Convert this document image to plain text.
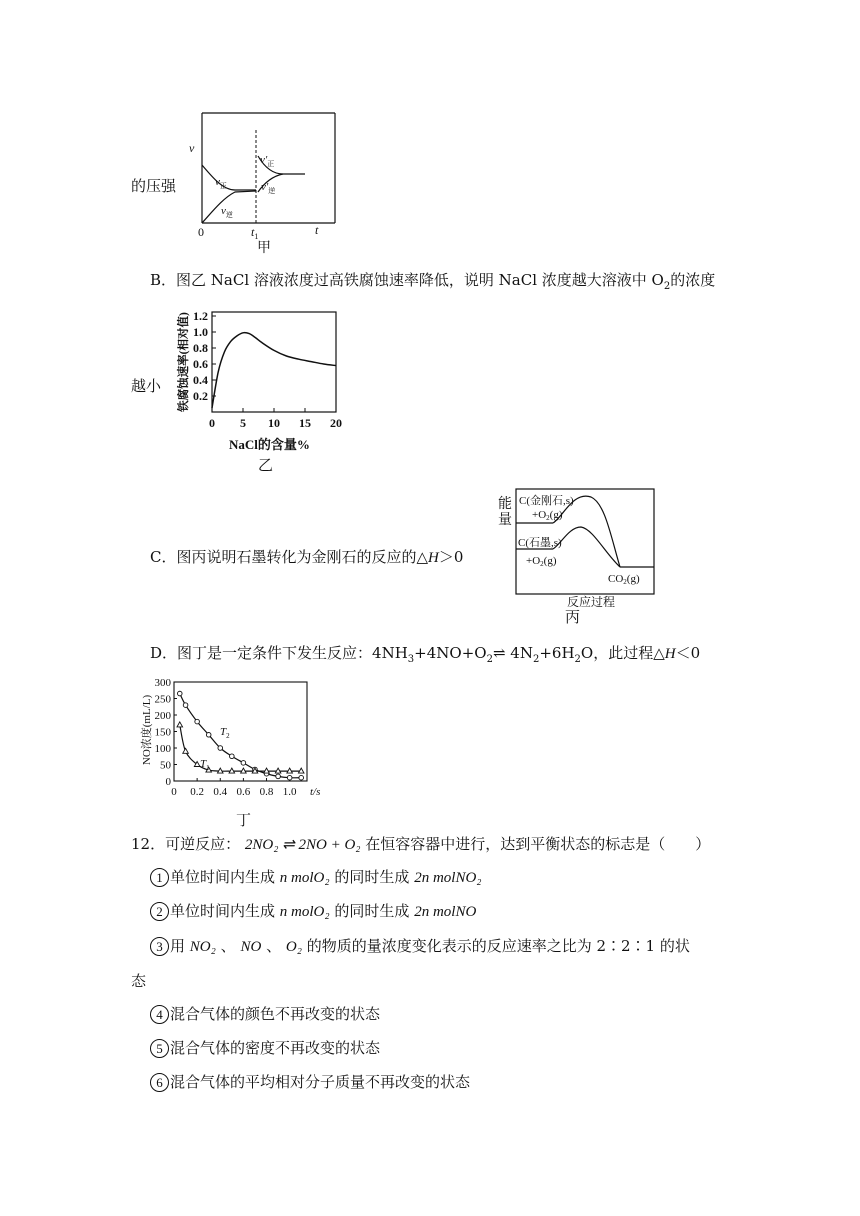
的压强
v
0	$t_1$	t
$v_正$
$v_逆$
$v'_正$
$v'_逆$
甲
B．图乙 NaCl 溶液浓度过高铁腐蚀速率降低，说明 NaCl 浓度越大溶液中 $O_2$的浓度
越小 铁腐蚀速率(相对值) 0.2
0.4
0.6
0.8
1.0
1.2
0 5 10 15 20
NaCl的含量%
乙
C．图丙说明石墨转化为金刚石的反应的△H＞0
能量
C(金刚石,s)
+O2(g)
C(石墨,s)
+O2(g)
CO2(g)
反应过程
丙
D．图丁是一定条件下发生反应：$4NH_3+4NO+O_2\rightleftharpoons$ $4N_2+6H_2O$，此过程△H＜0
NO浓度(mL/L)
0
50
100
150
200
250
300
0 0.2 0.4 0.6 0.8 1.0 t/s
$T_2$
$T_1$
丁
12．可逆反应： 2NO₂ ⇌ 2NO + O₂ 在恒容容器中进行，达到平衡状态的标志是（　　）
1 单位时间内生成 n molO₂ 的同时生成 2n molNO₂
2 单位时间内生成 n molO₂ 的同时生成 2n molNO
3 用 NO₂ 、 NO 、 O₂ 的物质的量浓度变化表示的反应速率之比为 2∶2∶1 的状
态
4 混合气体的颜色不再改变的状态
5 混合气体的密度不再改变的状态
6 混合气体的平均相对分子质量不再改变的状态
